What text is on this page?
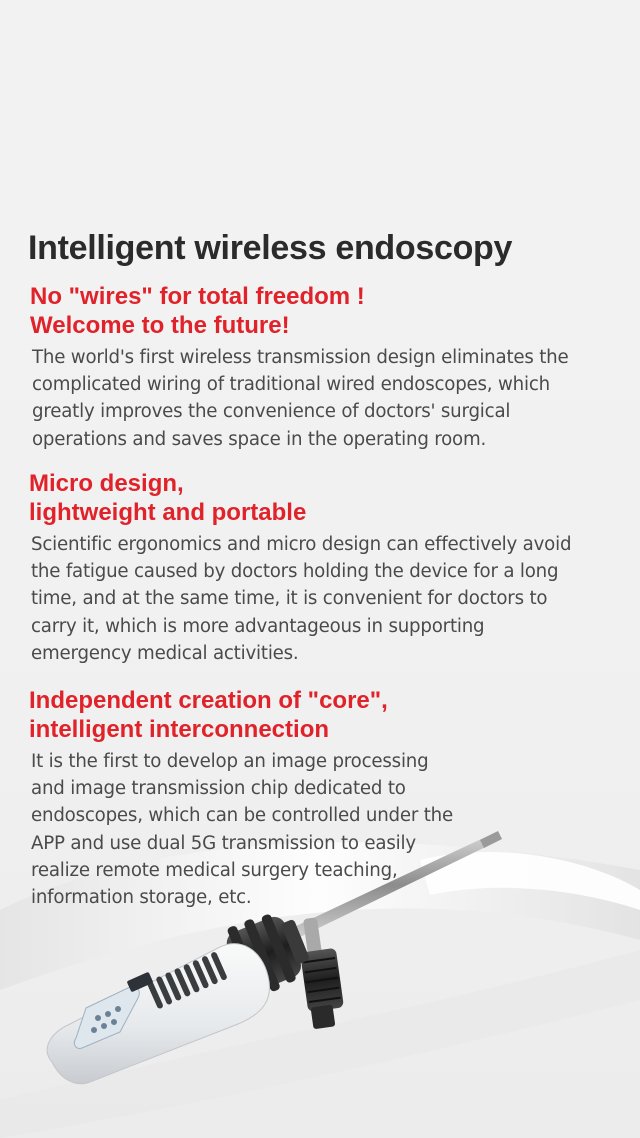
Intelligent wireless endoscopy
No "wires" for total freedom !
Welcome to the future!

The world's first wireless transmission design eliminates the
complicated wiring of traditional wired endoscopes, which
greatly improves the convenience of doctors' surgical
operations and saves space in the operating room.

Micro design,
lightweight and portable

Scientific ergonomics and micro design can effectively avoid
the fatigue caused by doctors holding the device for a long
time, and at the same time, it is convenient for doctors to
carry it, which is more advantageous in supporting
emergency medical activities.

Independent creation of "core",
intelligent interconnection

It is the first to develop an image processing
and image transmission chip dedicated to
endoscopes, which can be controlled under the
APP and use dual 5G transmission to easily
realize remote medical surgery teaching,
information storage, etc.
